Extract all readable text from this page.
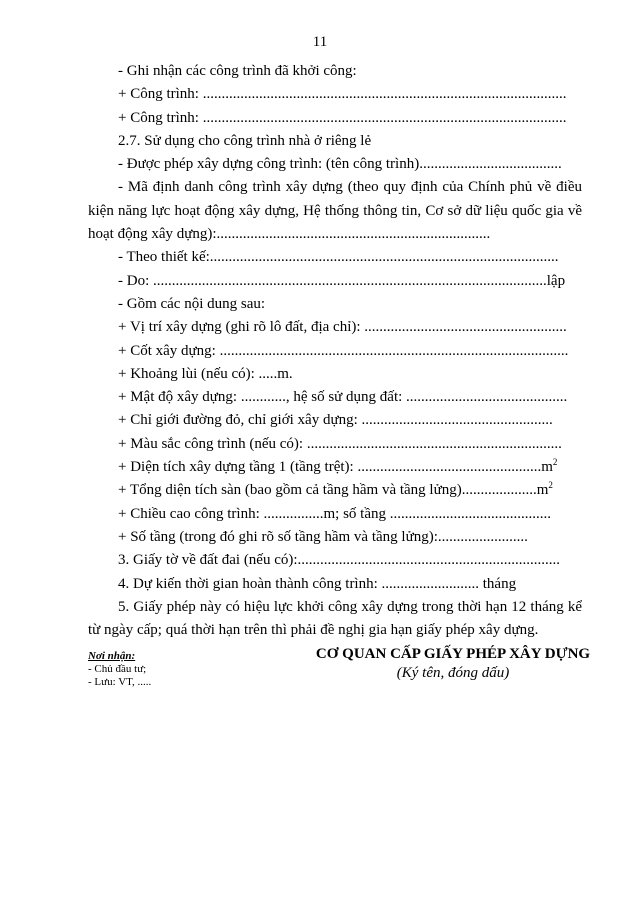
11
- Ghi nhận các công trình đã khởi công:
+ Công trình: .................................................................................................
+ Công trình: .................................................................................................
2.7. Sử dụng cho công trình nhà ở riêng lẻ
- Được phép xây dựng công trình: (tên công trình)......................................
- Mã định danh công trình xây dựng (theo quy định của Chính phủ về điều kiện năng lực hoạt động xây dựng, Hệ thống thông tin, Cơ sở dữ liệu quốc gia về hoạt động xây dựng):.........................................................................
- Theo thiết kế:.............................................................................................
- Do: .........................................................................................................lập
- Gồm các nội dung sau:
+ Vị trí xây dựng (ghi rõ lô đất, địa chỉ): ......................................................
+ Cốt xây dựng: .............................................................................................
+ Khoảng lùi (nếu có): .....m.
+ Mật độ xây dựng: ............, hệ số sử dụng đất: ...........................................
+ Chỉ giới đường đỏ, chỉ giới xây dựng: ...................................................
+ Màu sắc công trình (nếu có): ....................................................................
+ Diện tích xây dựng tầng 1 (tầng trệt): $.................................................m^2$
+ Tổng diện tích sàn (bao gồm cả tầng hầm và tầng $lửng)....................m^2$
+ Chiều cao công trình: ................m; số tầng ...........................................
+ Số tầng (trong đó ghi rõ số tầng hầm và tầng lửng):........................
3. Giấy tờ về đất đai (nếu có):......................................................................
4. Dự kiến thời gian hoàn thành công trình: .......................... tháng
5. Giấy phép này có hiệu lực khởi công xây dựng trong thời hạn 12 tháng kể từ ngày cấp; quá thời hạn trên thì phải đề nghị gia hạn giấy phép xây dựng.
Nơi nhận:
- Chủ đầu tư;
- Lưu: VT, .....
CƠ QUAN CẤP GIẤY PHÉP XÂY DỰNG
(Ký tên, đóng dấu)
